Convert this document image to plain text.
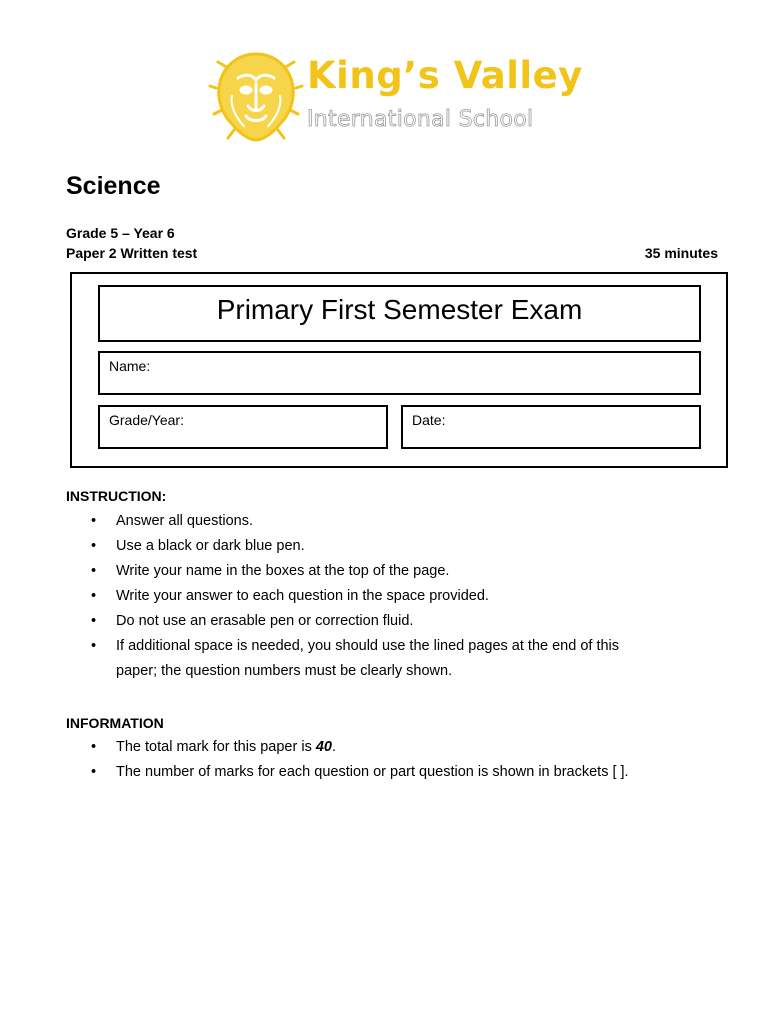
King’s Valley
International School
Science
Grade 5 – Year 6
Paper 2 Written test	35 minutes
Primary First Semester Exam
Name:
Grade/Year:	Date:
INSTRUCTION:
• Answer all questions.
• Use a black or dark blue pen.
• Write your name in the boxes at the top of the page.
• Write your answer to each question in the space provided.
• Do not use an erasable pen or correction fluid.
• If additional space is needed, you should use the lined pages at the end of this paper; the question numbers must be clearly shown.
INFORMATION
• The total mark for this paper is 40.
• The number of marks for each question or part question is shown in brackets [ ].
